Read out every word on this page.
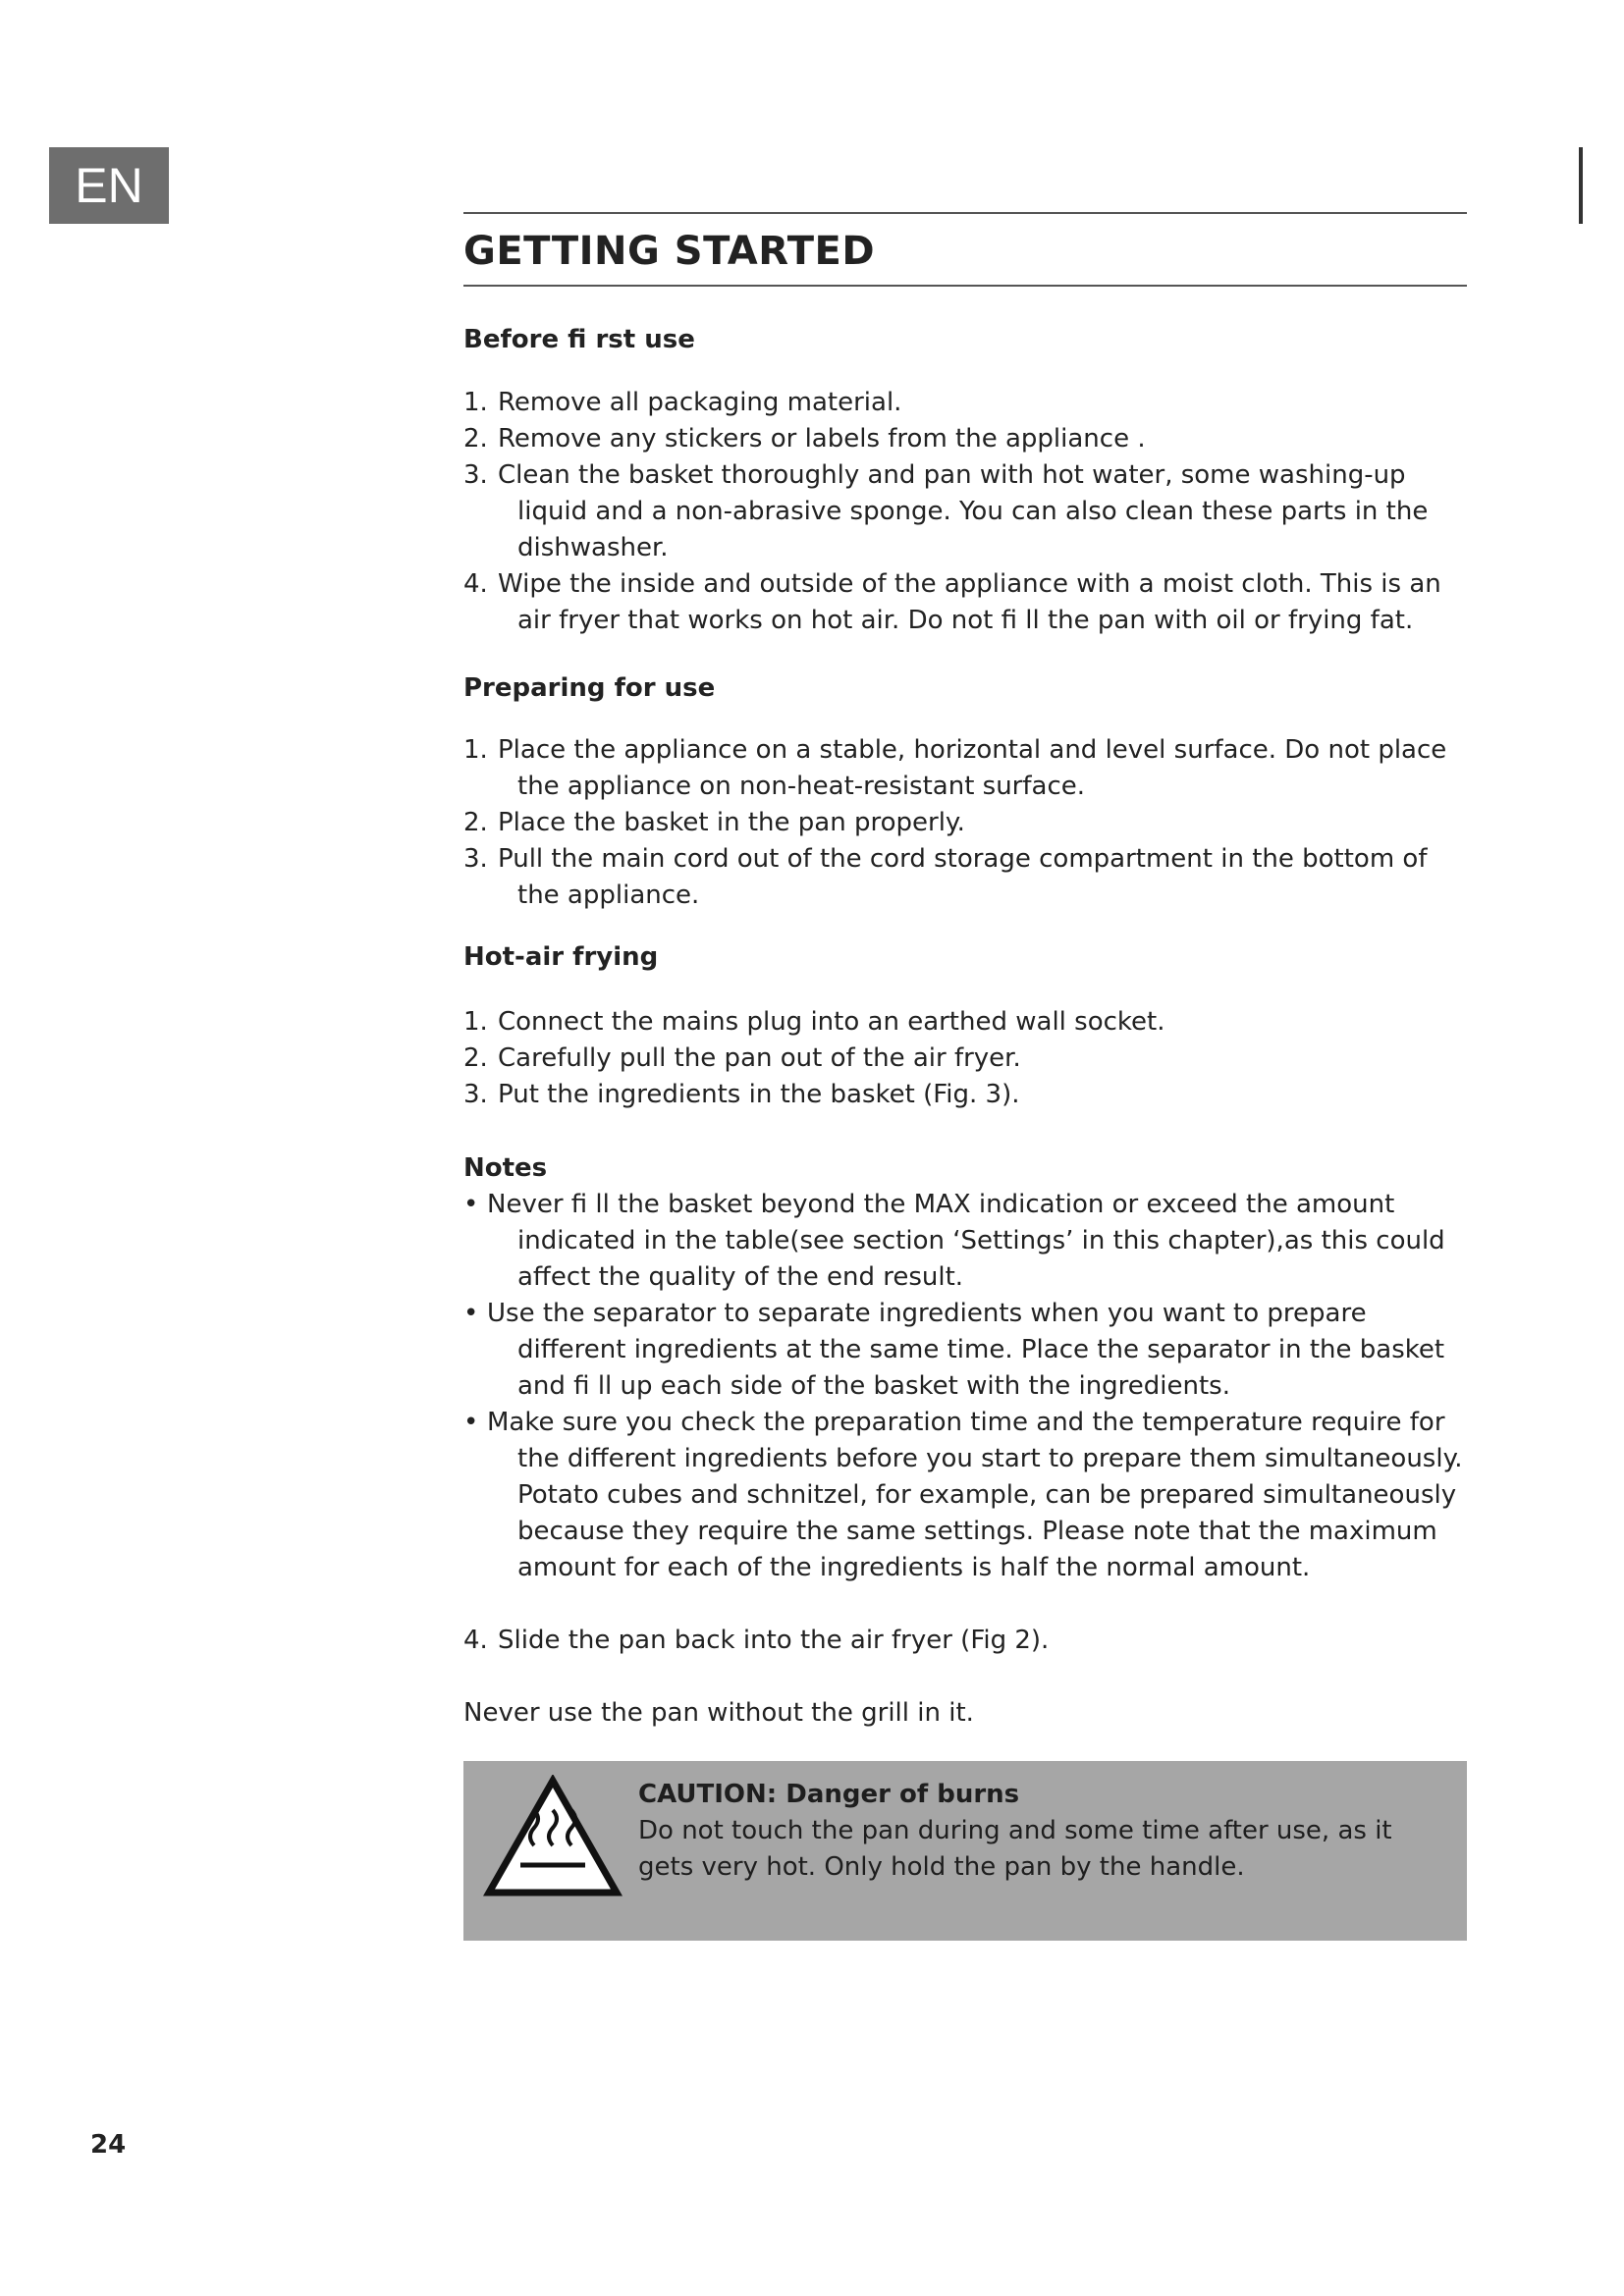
EN
GETTING STARTED
Before fi rst use
1. Remove all packaging material.
2. Remove any stickers or labels from the appliance .
3. Clean the basket thoroughly and pan with hot water, some washing-up liquid and a non-abrasive sponge. You can also clean these parts in the dishwasher.
4. Wipe the inside and outside of the appliance with a moist cloth. This is an air fryer that works on hot air. Do not fi ll the pan with oil or frying fat.
Preparing for use
1. Place the appliance on a stable, horizontal and level surface. Do not place the appliance on non-heat-resistant surface.
2. Place the basket in the pan properly.
3. Pull the main cord out of the cord storage compartment in the bottom of the appliance.
Hot-air frying
1. Connect the mains plug into an earthed wall socket.
2. Carefully pull the pan out of the air fryer.
3. Put the ingredients in the basket (Fig. 3).
Notes
• Never fi ll the basket beyond the MAX indication or exceed the amount indicated in the table(see section ‘Settings’ in this chapter),as this could affect the quality of the end result.
• Use the separator to separate ingredients when you want to prepare different ingredients at the same time. Place the separator in the basket and fi ll up each side of the basket with the ingredients.
• Make sure you check the preparation time and the temperature require for the different ingredients before you start to prepare them simultaneously. Potato cubes and schnitzel, for example, can be prepared simultaneously because they require the same settings. Please note that the maximum amount for each of the ingredients is half the normal amount.
4. Slide the pan back into the air fryer (Fig 2).

Never use the pan without the grill in it.

CAUTION: Danger of burns
Do not touch the pan during and some time after use, as it gets very hot. Only hold the pan by the handle.
24
